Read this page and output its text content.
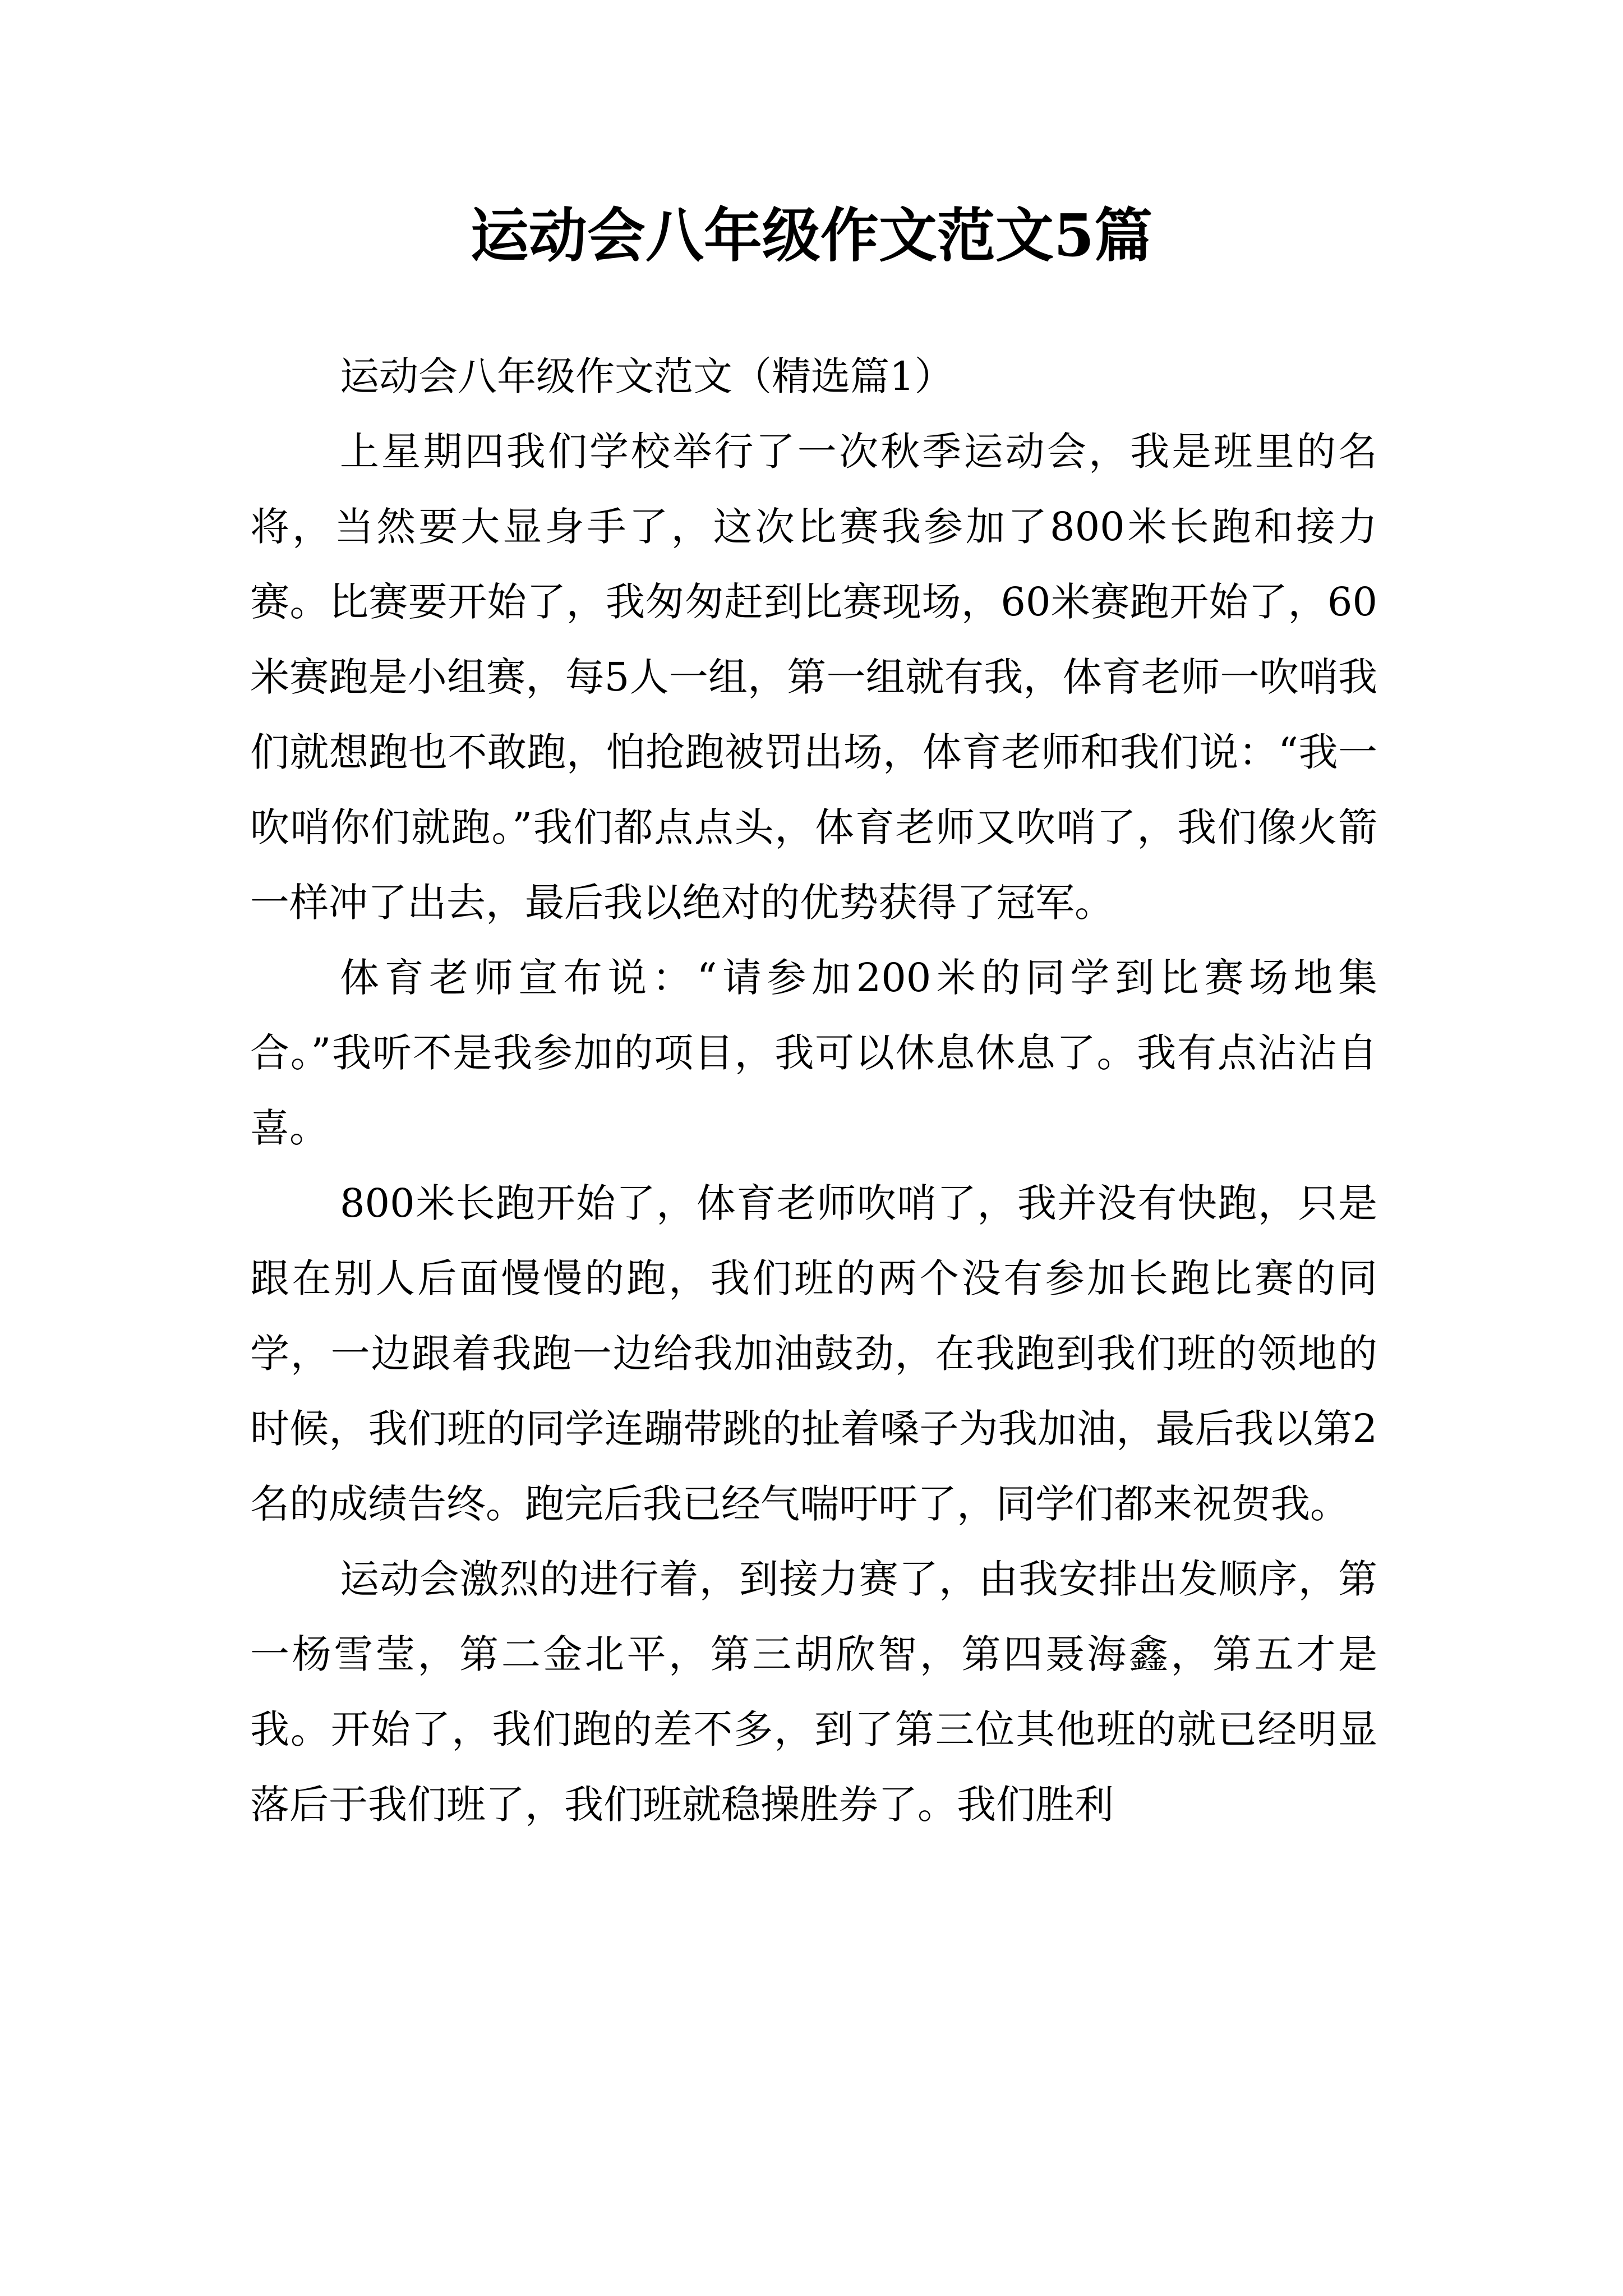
运动会八年级作文范文5篇

运动会八年级作文范文（精选篇1）

上星期四我们学校举行了一次秋季运动会，我是班里的名将，当然要大显身手了，这次比赛我参加了800米长跑和接力赛。比赛要开始了，我匆匆赶到比赛现场，60米赛跑开始了，60米赛跑是小组赛，每5人一组，第一组就有我，体育老师一吹哨我们就想跑也不敢跑，怕抢跑被罚出场，体育老师和我们说：“我一吹哨你们就跑。”我们都点点头，体育老师又吹哨了，我们像火箭一样冲了出去，最后我以绝对的优势获得了冠军。

体育老师宣布说：“请参加200米的同学到比赛场地集合。”我听不是我参加的项目，我可以休息休息了。我有点沾沾自喜。

800米长跑开始了，体育老师吹哨了，我并没有快跑，只是跟在别人后面慢慢的跑，我们班的两个没有参加长跑比赛的同学，一边跟着我跑一边给我加油鼓劲，在我跑到我们班的领地的时候，我们班的同学连蹦带跳的扯着嗓子为我加油，最后我以第2名的成绩告终。跑完后我已经气喘吁吁了，同学们都来祝贺我。

运动会激烈的进行着，到接力赛了，由我安排出发顺序，第一杨雪莹，第二金北平，第三胡欣智，第四聂海鑫，第五才是我。开始了，我们跑的差不多，到了第三位其他班的就已经明显落后于我们班了，我们班就稳操胜券了。我们胜利
